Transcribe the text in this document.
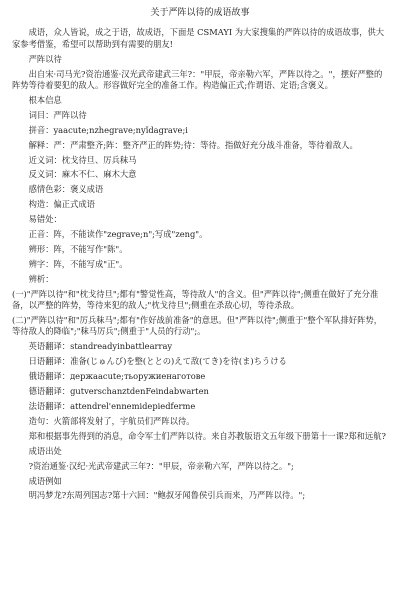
关于严阵以待的成语故事

成语，众人皆说，成之于语，故成语，下面是 CSMAYI 为大家搜集的严阵以待的成语故事，供大家参考借鉴，希望可以帮助到有需要的朋友!

严阵以待

出自宋·司马光?资治通鉴·汉光武帝建武三年?："甲辰，帝亲勒六军，严阵以待之。"，摆好严整的阵势等待着要犯的敌人。形容做好完全的准备工作。构造偏正式;作谓语、定语;含褒义。

根本信息

词目：严阵以待

拼音：yaacute;nzhegrave;nyǐdagrave;i

解释：严：严肃整齐;阵：整齐严正的阵势;待：等待。指做好充分战斗准备，等待着敌人。

近义词：枕戈待旦、厉兵秣马

反义词：麻木不仁、麻木大意

感情色彩：褒义成语

构造：偏正式成语

易错处：

正音：阵，不能读作"zegrave;n";写成"zeng"。

辨形：阵，不能写作"陈"。

辨字：阵，不能写成"正"。

辨析：

(一)"严阵以待"和"枕戈待旦";都有"警觉性高，等待敌人"的含义。但"严阵以待";侧重在做好了充分准备，以严整的阵势，等待来犯的敌人;"枕戈待旦";侧重在杀敌心切，等待杀敌。

(二)"严阵以待"和"厉兵秣马";都有"作好战前准备"的意思。但"严阵以待";侧重于"整个军队排好阵势，等待敌人的降临";"秣马厉兵";侧重于"人员的行动";。

英语翻译：standreadyinbattlearray

日语翻译：准备(じゅんび)を整(ととの)えて敌(てき)を待(ま)ちうける

俄语翻译：держаacute;тьоружиенаготове

德语翻译：gutverschanztdenFeindabwarten

法语翻译：attendrel'ennemidepiedferme

造句：火箭部将发射了，宇航员们严阵以待。

郑和根据事先得到的消息，命令军士们严阵以待。来自苏教版语文五年级下册第十一课?郑和远航?

成语出处

?资治通鉴·汉纪·光武帝建武三年?："甲辰，帝亲勒六军，严阵以待之。";

成语例如

明冯梦龙?东周列国志?第十六回："鲍叔牙闻鲁侯引兵而来，乃严阵以待。";
